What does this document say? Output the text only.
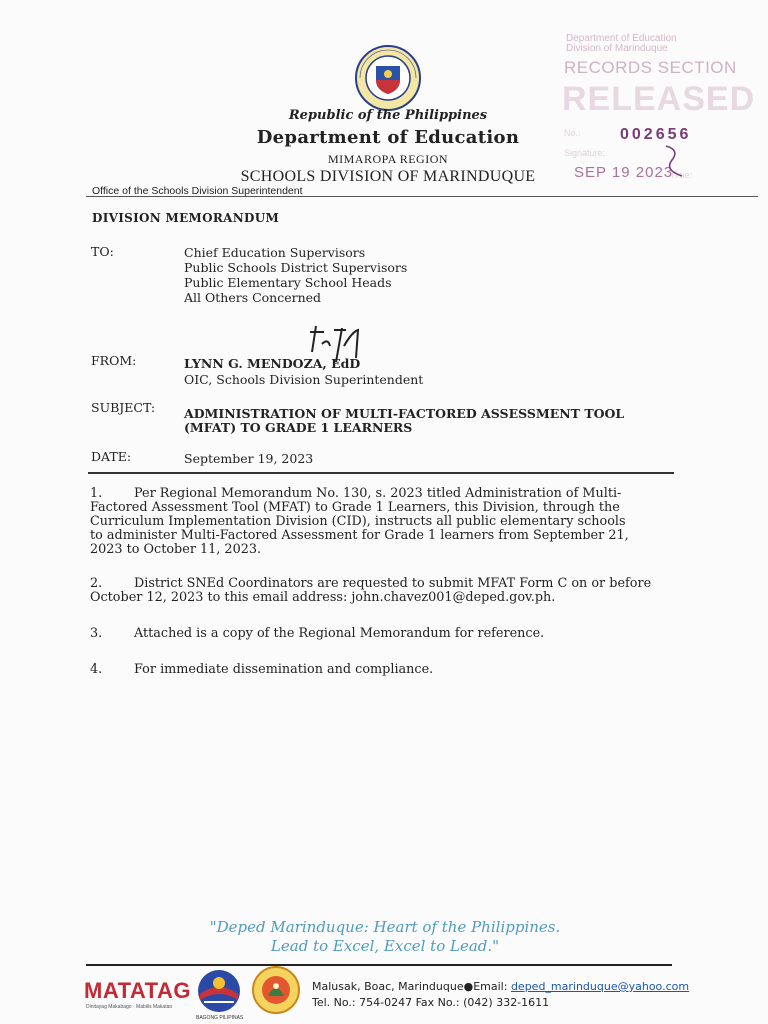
Republic of the Philippines
Department of Education
MIMAROPA REGION
SCHOOLS DIVISION OF MARINDUQUE
Office of the Schools Division Superintendent
Department of Education
Division of Marinduque
RECORDS SECTION
RELEASED
No.: 002656
Signature:
SEP 19 2023
Time:
DIVISION MEMORANDUM
TO:	Chief Education Supervisors
Public Schools District Supervisors
Public Elementary School Heads
All Others Concerned
FROM:	LYNN G. MENDOZA, EdD
OIC, Schools Division Superintendent
SUBJECT: ADMINISTRATION OF MULTI-FACTORED ASSESSMENT TOOL
(MFAT) TO GRADE 1 LEARNERS
DATE:	September 19, 2023
1. Per Regional Memorandum No. 130, s. 2023 titled Administration of Multi-
Factored Assessment Tool (MFAT) to Grade 1 Learners, this Division, through the
Curriculum Implementation Division (CID), instructs all public elementary schools
to administer Multi-Factored Assessment for Grade 1 learners from September 21,
2023 to October 11, 2023.
2. District SNEd Coordinators are requested to submit MFAT Form C on or before
October 12, 2023 to this email address: john.chavez001@deped.gov.ph.
3. Attached is a copy of the Regional Memorandum for reference.
4. For immediate dissemination and compliance.
"Deped Marinduque: Heart of the Philippines.
Lead to Excel, Excel to Lead."
MATATAG
Dinitayag Makabago · Mabilis Makatao
BAGONG PILIPINAS
Malusak, Boac, Marinduque●Email: deped_marinduque@yahoo.com
Tel. No.: 754-0247 Fax No.: (042) 332-1611
